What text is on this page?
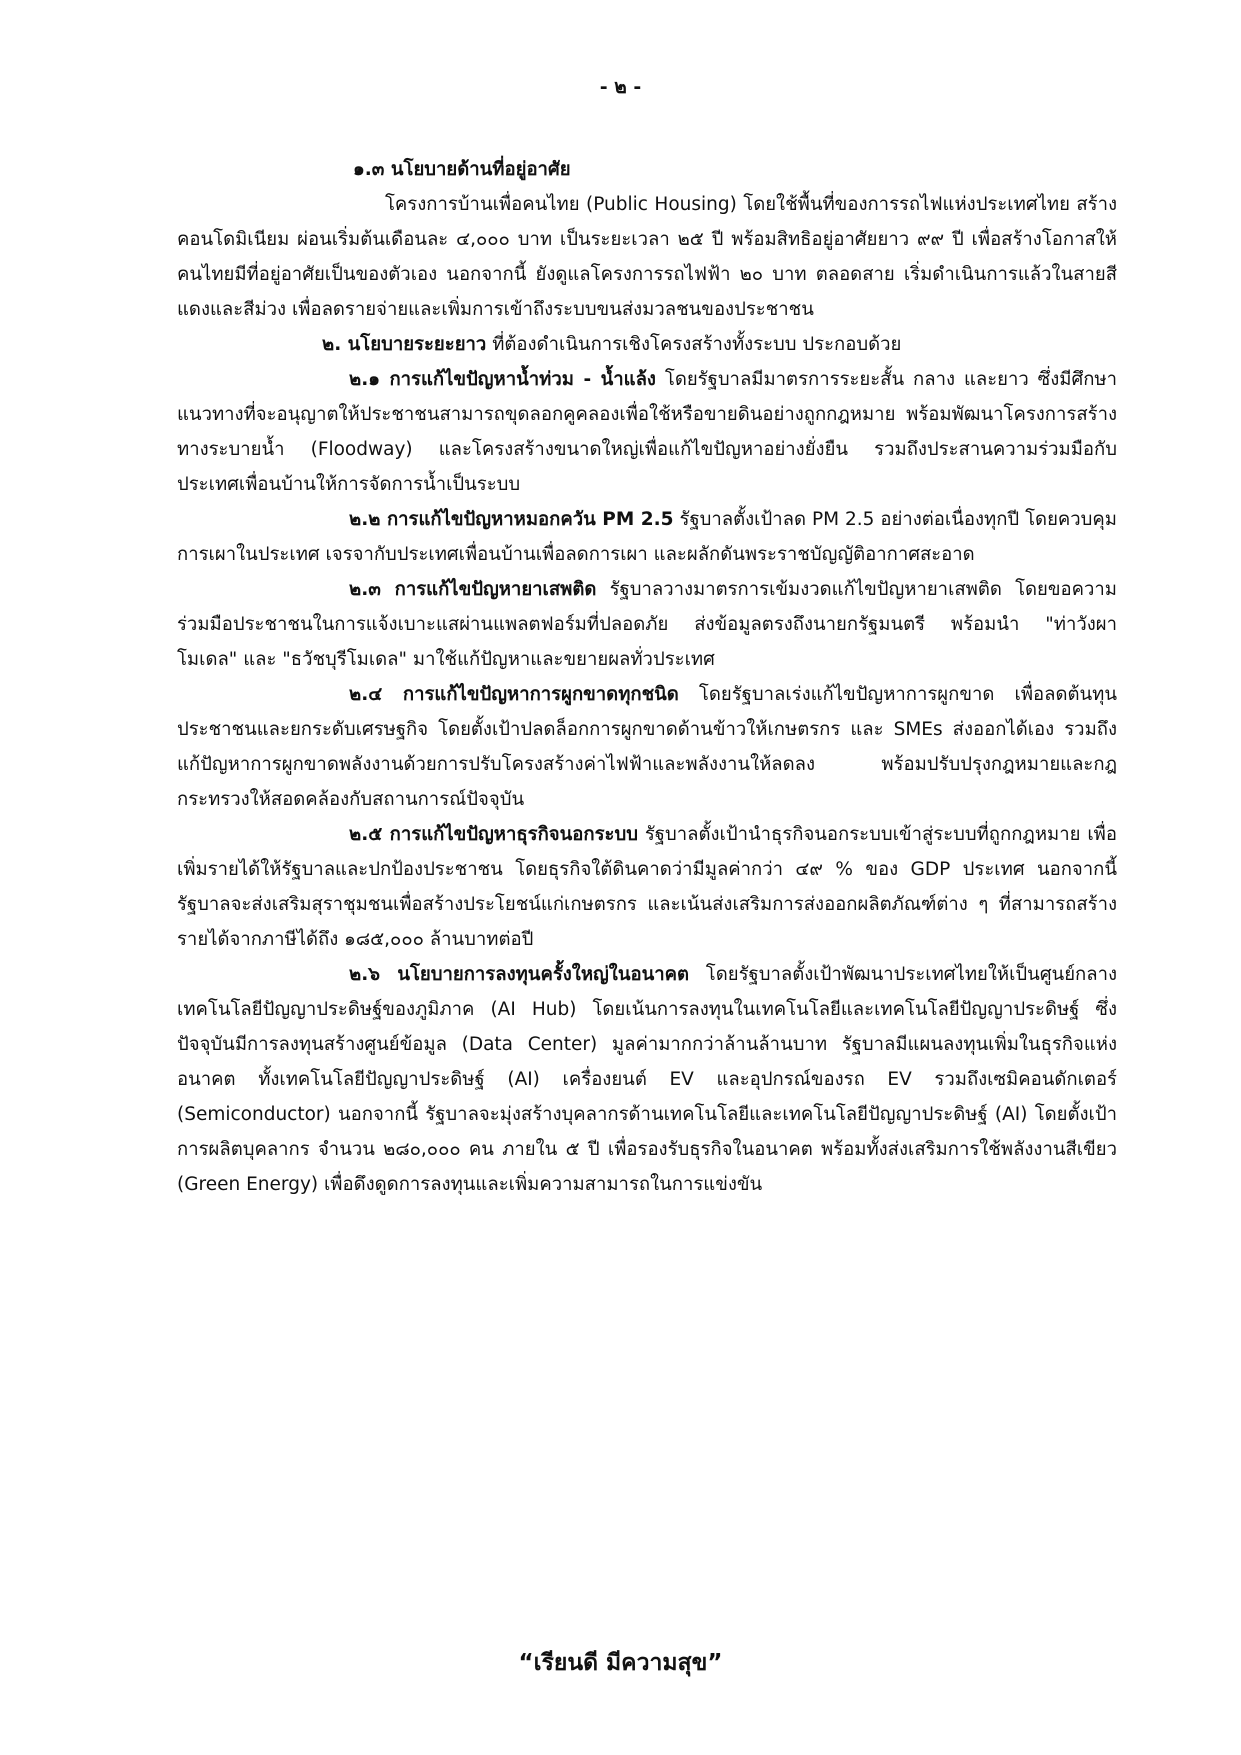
- ๒ -

๑.๓ นโยบายด้านที่อยู่อาศัย

โครงการบ้านเพื่อคนไทย (Public Housing) โดยใช้พื้นที่ของการรถไฟแห่งประเทศไทย สร้างคอนโดมิเนียม ผ่อนเริ่มต้นเดือนละ ๔,๐๐๐ บาท เป็นระยะเวลา ๒๕ ปี พร้อมสิทธิอยู่อาศัยยาว ๙๙ ปี เพื่อสร้างโอกาสให้คนไทยมีที่อยู่อาศัยเป็นของตัวเอง นอกจากนี้ ยังดูแลโครงการรถไฟฟ้า ๒๐ บาท ตลอดสาย เริ่มดำเนินการแล้วในสายสีแดงและสีม่วง เพื่อลดรายจ่ายและเพิ่มการเข้าถึงระบบขนส่งมวลชนของประชาชน

๒. นโยบายระยะยาว ที่ต้องดำเนินการเชิงโครงสร้างทั้งระบบ ประกอบด้วย

๒.๑ การแก้ไขปัญหาน้ำท่วม - น้ำแล้ง โดยรัฐบาลมีมาตรการระยะสั้น กลาง และยาว ซึ่งมีศึกษาแนวทางที่จะอนุญาตให้ประชาชนสามารถขุดลอกคูคลองเพื่อใช้หรือขายดินอย่างถูกกฎหมาย พร้อมพัฒนาโครงการสร้างทางระบายน้ำ (Floodway) และโครงสร้างขนาดใหญ่เพื่อแก้ไขปัญหาอย่างยั่งยืน รวมถึงประสานความร่วมมือกับประเทศเพื่อนบ้านให้การจัดการน้ำเป็นระบบ

๒.๒ การแก้ไขปัญหาหมอกควัน PM 2.5 รัฐบาลตั้งเป้าลด PM 2.5 อย่างต่อเนื่องทุกปี โดยควบคุมการเผาในประเทศ เจรจากับประเทศเพื่อนบ้านเพื่อลดการเผา และผลักดันพระราชบัญญัติอากาศสะอาด

๒.๓ การแก้ไขปัญหายาเสพติด รัฐบาลวางมาตรการเข้มงวดแก้ไขปัญหายาเสพติด โดยขอความร่วมมือประชาชนในการแจ้งเบาะแสผ่านแพลตฟอร์มที่ปลอดภัย ส่งข้อมูลตรงถึงนายกรัฐมนตรี พร้อมนำ "ท่าวังผาโมเดล" และ "ธวัชบุรีโมเดล" มาใช้แก้ปัญหาและขยายผลทั่วประเทศ

๒.๔ การแก้ไขปัญหาการผูกขาดทุกชนิด โดยรัฐบาลเร่งแก้ไขปัญหาการผูกขาด เพื่อลดต้นทุนประชาชนและยกระดับเศรษฐกิจ โดยตั้งเป้าปลดล็อกการผูกขาดด้านข้าวให้เกษตรกร และ SMEs ส่งออกได้เอง รวมถึงแก้ปัญหาการผูกขาดพลังงานด้วยการปรับโครงสร้างค่าไฟฟ้าและพลังงานให้ลดลง พร้อมปรับปรุงกฎหมายและกฎกระทรวงให้สอดคล้องกับสถานการณ์ปัจจุบัน

๒.๕ การแก้ไขปัญหาธุรกิจนอกระบบ รัฐบาลตั้งเป้านำธุรกิจนอกระบบเข้าสู่ระบบที่ถูกกฎหมาย เพื่อเพิ่มรายได้ให้รัฐบาลและปกป้องประชาชน โดยธุรกิจใต้ดินคาดว่ามีมูลค่ากว่า ๔๙ % ของ GDP ประเทศ นอกจากนี้ รัฐบาลจะส่งเสริมสุราชุมชนเพื่อสร้างประโยชน์แก่เกษตรกร และเน้นส่งเสริมการส่งออกผลิตภัณฑ์ต่าง ๆ ที่สามารถสร้างรายได้จากภาษีได้ถึง ๑๘๕,๐๐๐ ล้านบาทต่อปี

๒.๖ นโยบายการลงทุนครั้งใหญ่ในอนาคต โดยรัฐบาลตั้งเป้าพัฒนาประเทศไทยให้เป็นศูนย์กลางเทคโนโลยีปัญญาประดิษฐ์ของภูมิภาค (AI Hub) โดยเน้นการลงทุนในเทคโนโลยีและเทคโนโลยีปัญญาประดิษฐ์ ซึ่งปัจจุบันมีการลงทุนสร้างศูนย์ข้อมูล (Data Center) มูลค่ามากกว่าล้านล้านบาท รัฐบาลมีแผนลงทุนเพิ่มในธุรกิจแห่งอนาคต ทั้งเทคโนโลยีปัญญาประดิษฐ์ (AI) เครื่องยนต์ EV และอุปกรณ์ของรถ EV รวมถึงเซมิคอนดักเตอร์ (Semiconductor) นอกจากนี้ รัฐบาลจะมุ่งสร้างบุคลากรด้านเทคโนโลยีและเทคโนโลยีปัญญาประดิษฐ์ (AI) โดยตั้งเป้าการผลิตบุคลากร จำนวน ๒๘๐,๐๐๐ คน ภายใน ๕ ปี เพื่อรองรับธุรกิจในอนาคต พร้อมทั้งส่งเสริมการใช้พลังงานสีเขียว (Green Energy) เพื่อดึงดูดการลงทุนและเพิ่มความสามารถในการแข่งขัน

“เรียนดี มีความสุข”
